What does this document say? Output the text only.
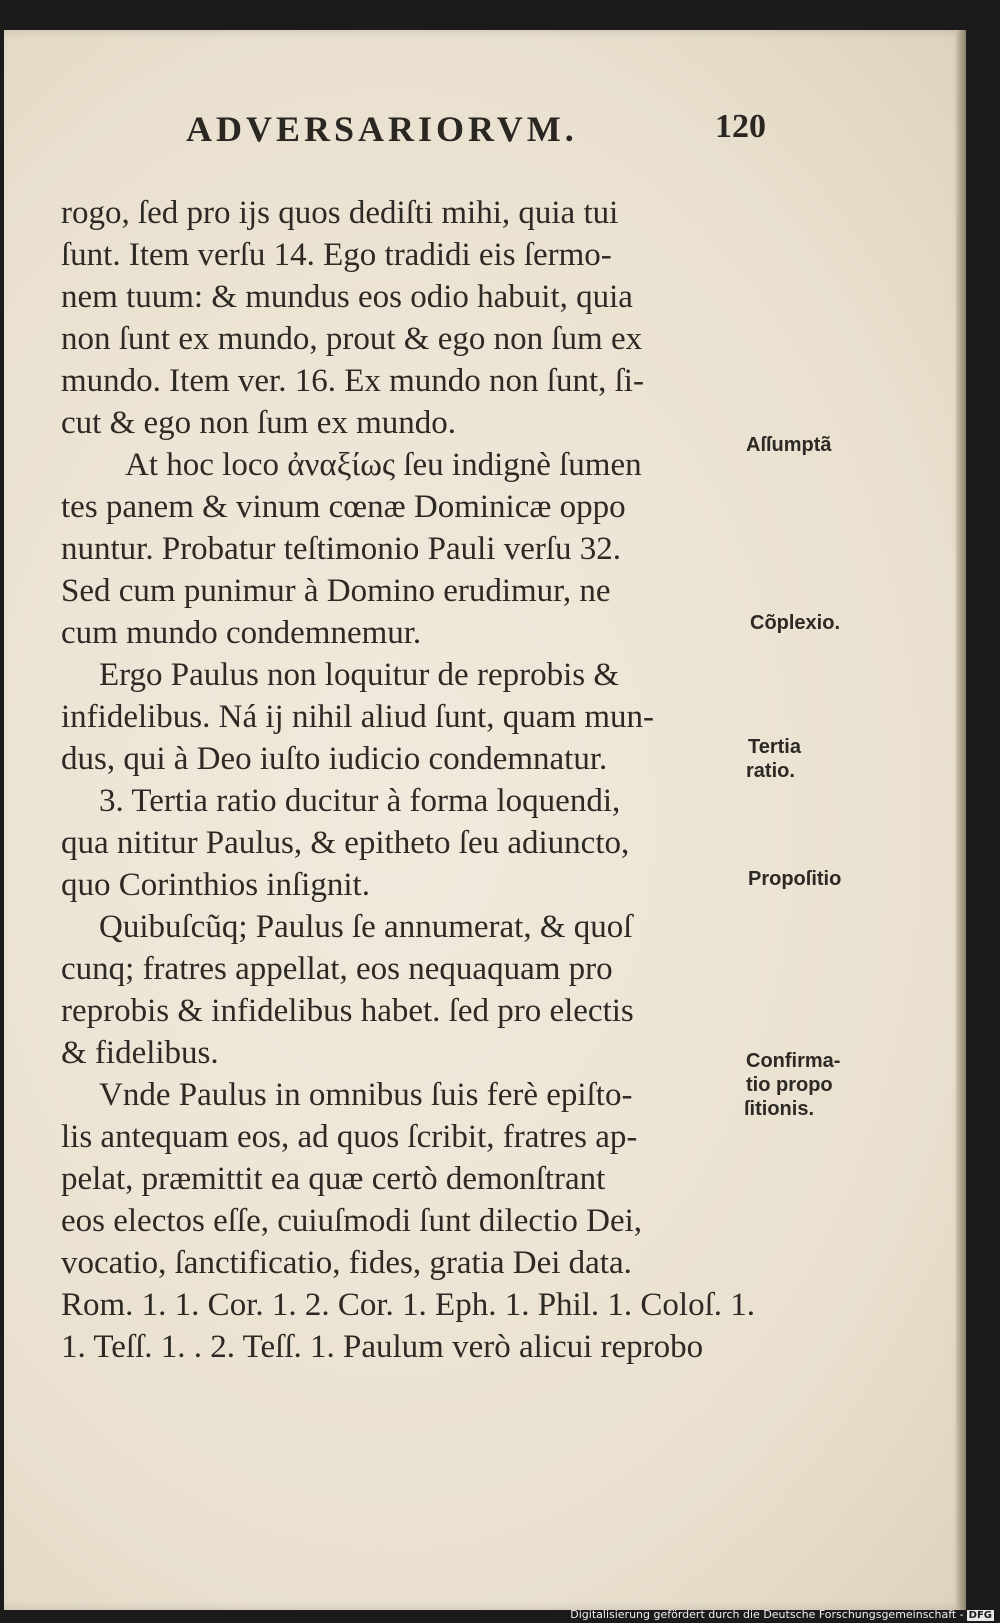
ADVERSARIORVM.	120
rogo, ſed pro ijs quos dediſti mihi, quia tui
ſunt. Item verſu 14. Ego tradidi eis ſermo-
nem tuum: & mundus eos odio habuit, quia
non ſunt ex mundo, prout & ego non ſum ex
mundo. Item ver. 16. Ex mundo non ſunt, ſi-
cut & ego non ſum ex mundo.
At hoc loco ἀναξίως ſeu indignè ſumen
tes panem & vinum cœnæ Dominicæ oppo
nuntur. Probatur teſtimonio Pauli verſu 32.
Sed cum punimur à Domino erudimur, ne
cum mundo condemnemur.
Ergo Paulus non loquitur de reprobis &
infidelibus. Ná ij nihil aliud ſunt, quam mun-
dus, qui à Deo iuſto iudicio condemnatur.
3. Tertia ratio ducitur à forma loquendi,
qua nititur Paulus, & epitheto ſeu adiuncto,
quo Corinthios inſignit.
Quibuſcũq; Paulus ſe annumerat, & quoſ
cunq; fratres appellat, eos nequaquam pro
reprobis & infidelibus habet. ſed pro electis
& fidelibus.
Vnde Paulus in omnibus ſuis ferè epiſto-
lis antequam eos, ad quos ſcribit, fratres ap-
pelat, præmittit ea quæ certò demonſtrant
eos electos eſſe, cuiuſmodi ſunt dilectio Dei,
vocatio, ſanctificatio, fides, gratia Dei data.
Rom. 1. 1. Cor. 1. 2. Cor. 1. Eph. 1. Phil. 1. Coloſ. 1.
1. Teſſ. 1. . 2. Teſſ. 1. Paulum verò alicui reprobo
Aſſumptã
Cõplexio.
Tertia
ratio.
Propoſitio
Confirma-
tio propo
ſitionis.
Digitalisierung gefördert durch die Deutsche Forschungsgemeinschaft - DFG
